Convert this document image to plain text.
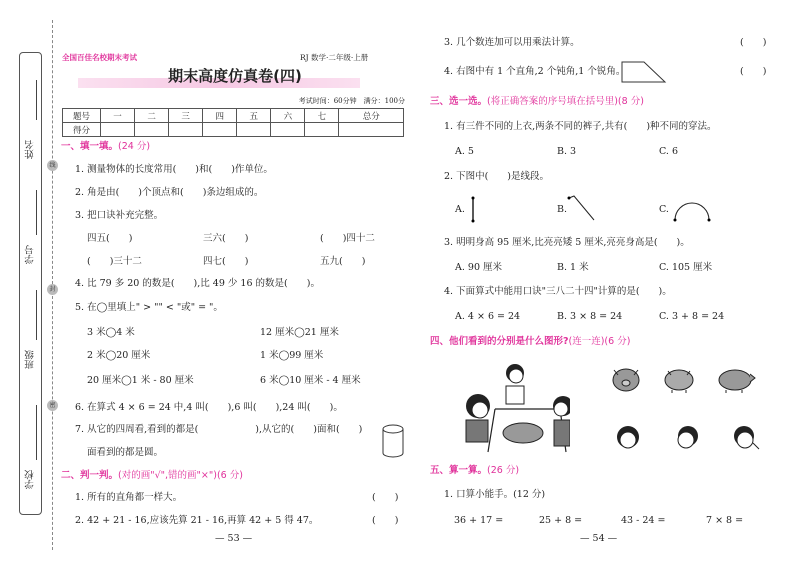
姓名
学号
班级
学校
线
封
密
全国百佳名校期末考试	RJ 数学·二年级·上册
期末高度仿真卷(四)
考试时间：60分钟　满分：100分
题号	一	二	三	四	五	六	七	总分
得分								
一、填一填。(24 分)
1. 测量物体的长度常用(　　)和(　　)作单位。
2. 角是由(　　)个顶点和(　　)条边组成的。
3. 把口诀补充完整。
四五(　　)	三六(　　)	(　　)四十二
(　　)三十二	四七(　　)	五九(　　)
4. 比 79 多 20 的数是(　　),比 49 少 16 的数是(　　)。
5. 在◯里填上" > "" < "或" = "。
3 米◯4 米	12 厘米◯21 厘米
2 米◯20 厘米	1 米◯99 厘米
20 厘米◯1 米 - 80 厘米	6 米◯10 厘米 - 4 厘米
6. 在算式 4 × 6 = 24 中,4 叫(　　),6 叫(　　),24 叫(　　)。
7. 从它的四周看,看到的都是(　　　　　　),从它的(　　)面和(　　)
面看到的都是圆。
二、判一判。(对的画"√",错的画"×")(6 分)
1. 所有的直角都一样大。	(　　)
2. 42 + 21 - 16,应该先算 21 - 16,再算 42 + 5 得 47。	(　　)
— 53 —
3. 几个数连加可以用乘法计算。	(　　)
4. 右图中有 1 个直角,2 个钝角,1 个锐角。	(　　)
三、选一选。(将正确答案的序号填在括号里)(8 分)
1. 有三件不同的上衣,两条不同的裤子,共有(　　)种不同的穿法。
A. 5	B. 3	C. 6
2. 下图中(　　)是线段。
A.	B.	C.
3. 明明身高 95 厘米,比亮亮矮 5 厘米,亮亮身高是(　　)。
A. 90 厘米	B. 1 米	C. 105 厘米
4. 下面算式中能用口诀"三八二十四"计算的是(　　)。
A. 4 × 6 = 24	B. 3 × 8 = 24	C. 3 + 8 = 24
四、他们看到的分别是什么图形?(连一连)(6 分)
五、算一算。(26 分)
1. 口算小能手。(12 分)
36 + 17 =	25 + 8 =	43 - 24 =	7 × 8 =
— 54 —
